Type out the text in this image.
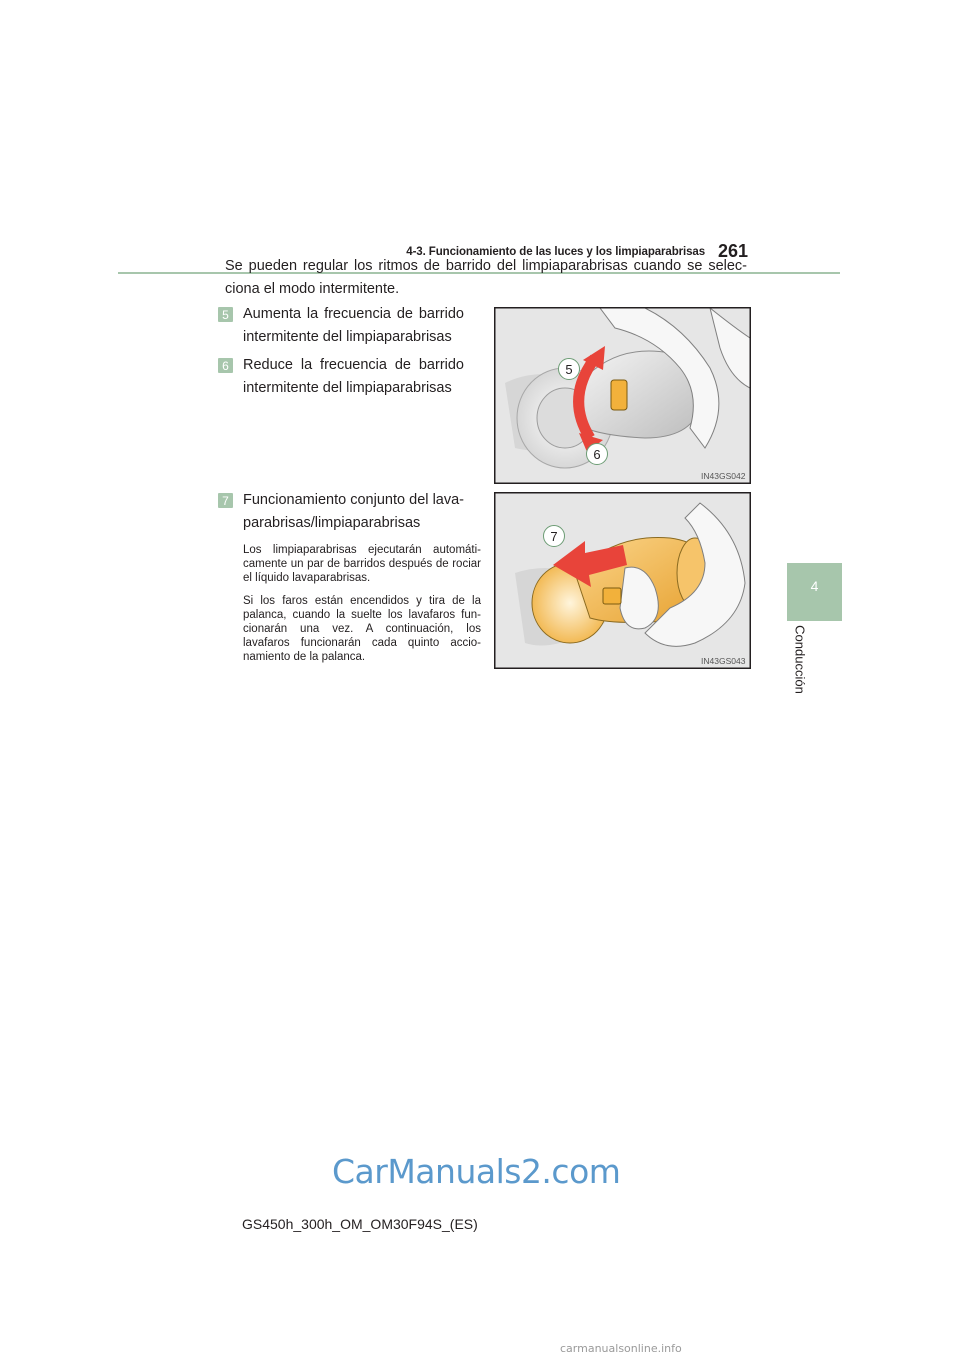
4-3. Funcionamiento de las luces y los limpiaparabrisas 261
4
Conducción
Se pueden regular los ritmos de barrido del limpiaparabrisas cuando se selec-ciona el modo intermitente.
5 Aumenta la frecuencia de barrido intermitente del limpiaparabrisas
6 Reduce la frecuencia de barrido intermitente del limpiaparabrisas
7 Funcionamiento conjunto del lava-parabrisas/limpiaparabrisas

Los limpiaparabrisas ejecutarán automáti-camente un par de barridos después de rociar el líquido lavaparabrisas.

Si los faros están encendidos y tira de la palanca, cuando la suelte los lavafaros fun-cionarán una vez. A continuación, los lavafaros funcionarán cada quinto accio-namiento de la palanca.

5
6
IN43GS042
7
IN43GS043
GS450h_300h_OM_OM30F94S_(ES)
CarManuals2.com
carmanualsonline.info
